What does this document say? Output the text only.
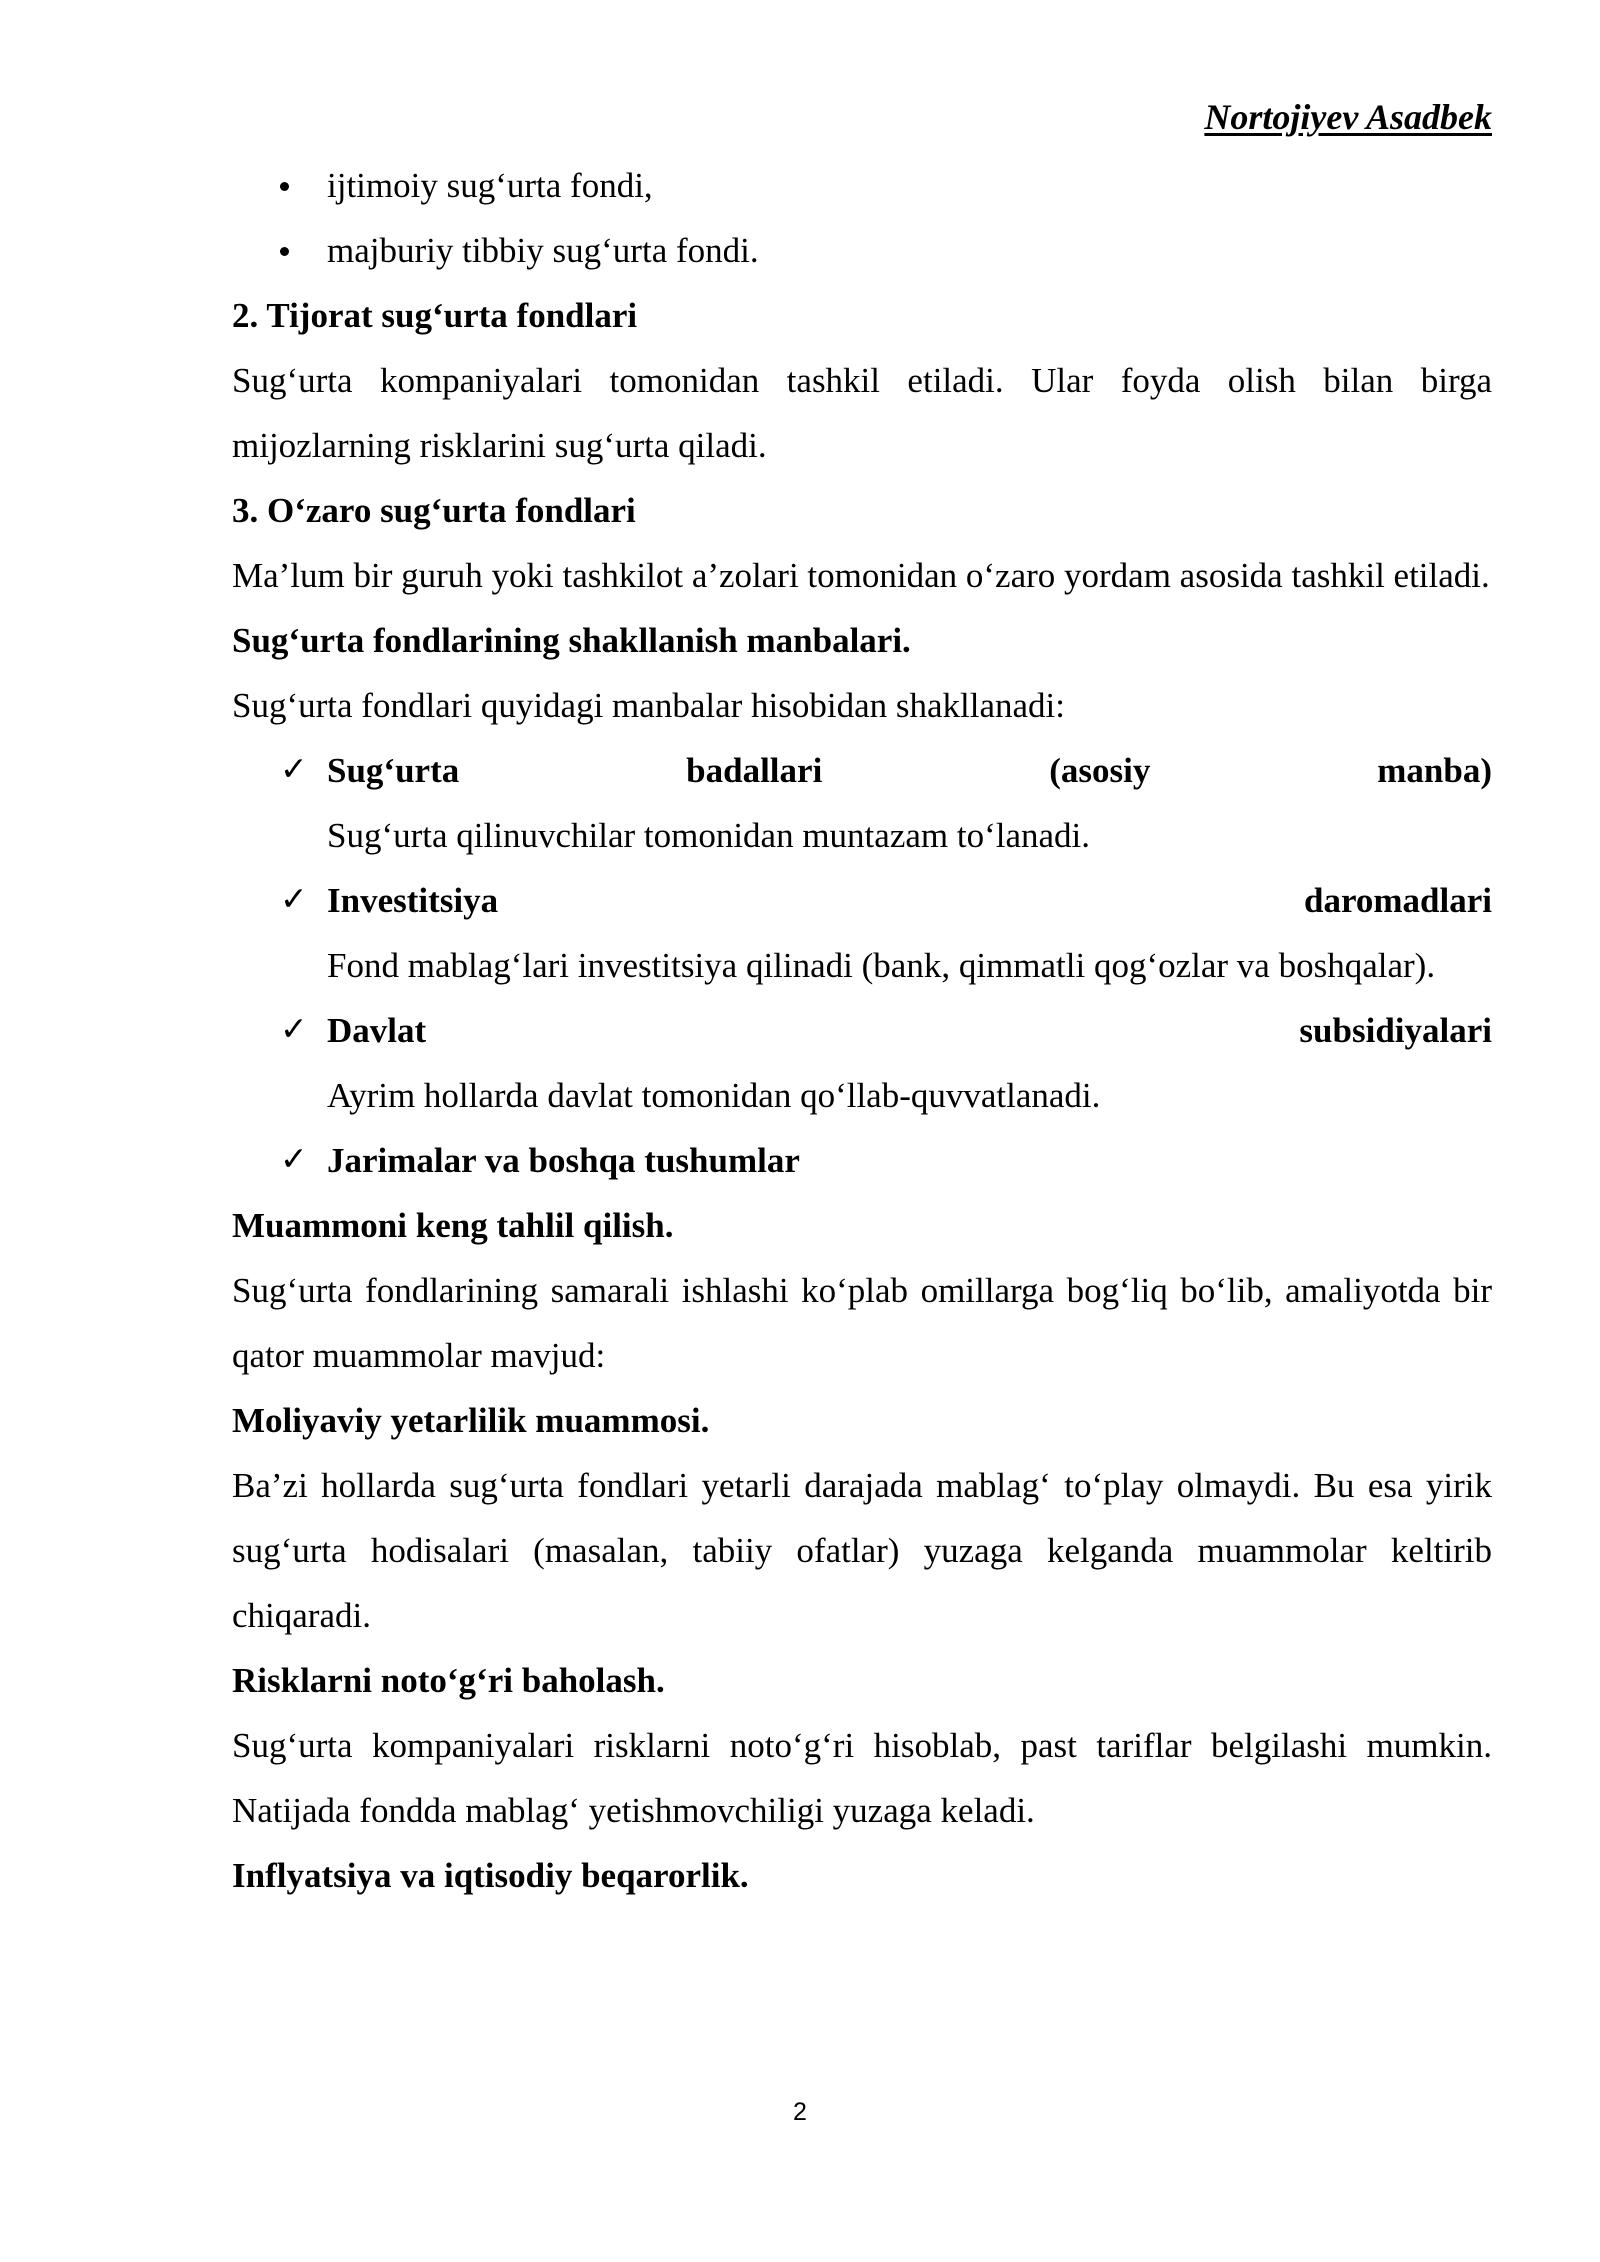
Nortojiyev Asadbek
ijtimoiy sug‘urta fondi,
majburiy tibbiy sug‘urta fondi.
2. Tijorat sug‘urta fondlari
Sug‘urta kompaniyalari tomonidan tashkil etiladi. Ular foyda olish bilan birga mijozlarning risklarini sug‘urta qiladi.
3. O‘zaro sug‘urta fondlari
Ma’lum bir guruh yoki tashkilot a’zolari tomonidan o‘zaro yordam asosida tashkil etiladi.
Sug‘urta fondlarining shakllanish manbalari.
Sug‘urta fondlari quyidagi manbalar hisobidan shakllanadi:
✓ Sug‘urta	badallari	(asosiy	manba)
Sug‘urta qilinuvchilar tomonidan muntazam to‘lanadi.
✓ Investitsiya	daromadlari
Fond mablag‘lari investitsiya qilinadi (bank, qimmatli qog‘ozlar va boshqalar).
✓ Davlat	subsidiyalari
Ayrim hollarda davlat tomonidan qo‘llab-quvvatlanadi.
✓ Jarimalar va boshqa tushumlar
Muammoni keng tahlil qilish.
Sug‘urta fondlarining samarali ishlashi ko‘plab omillarga bog‘liq bo‘lib, amaliyotda bir qator muammolar mavjud:
Moliyaviy yetarlilik muammosi.
Ba’zi hollarda sug‘urta fondlari yetarli darajada mablag‘ to‘play olmaydi. Bu esa yirik sug‘urta hodisalari (masalan, tabiiy ofatlar) yuzaga kelganda muammolar keltirib chiqaradi.
Risklarni noto‘g‘ri baholash.
Sug‘urta kompaniyalari risklarni noto‘g‘ri hisoblab, past tariflar belgilashi mumkin. Natijada fondda mablag‘ yetishmovchiligi yuzaga keladi.
Inflyatsiya va iqtisodiy beqarorlik.
2
